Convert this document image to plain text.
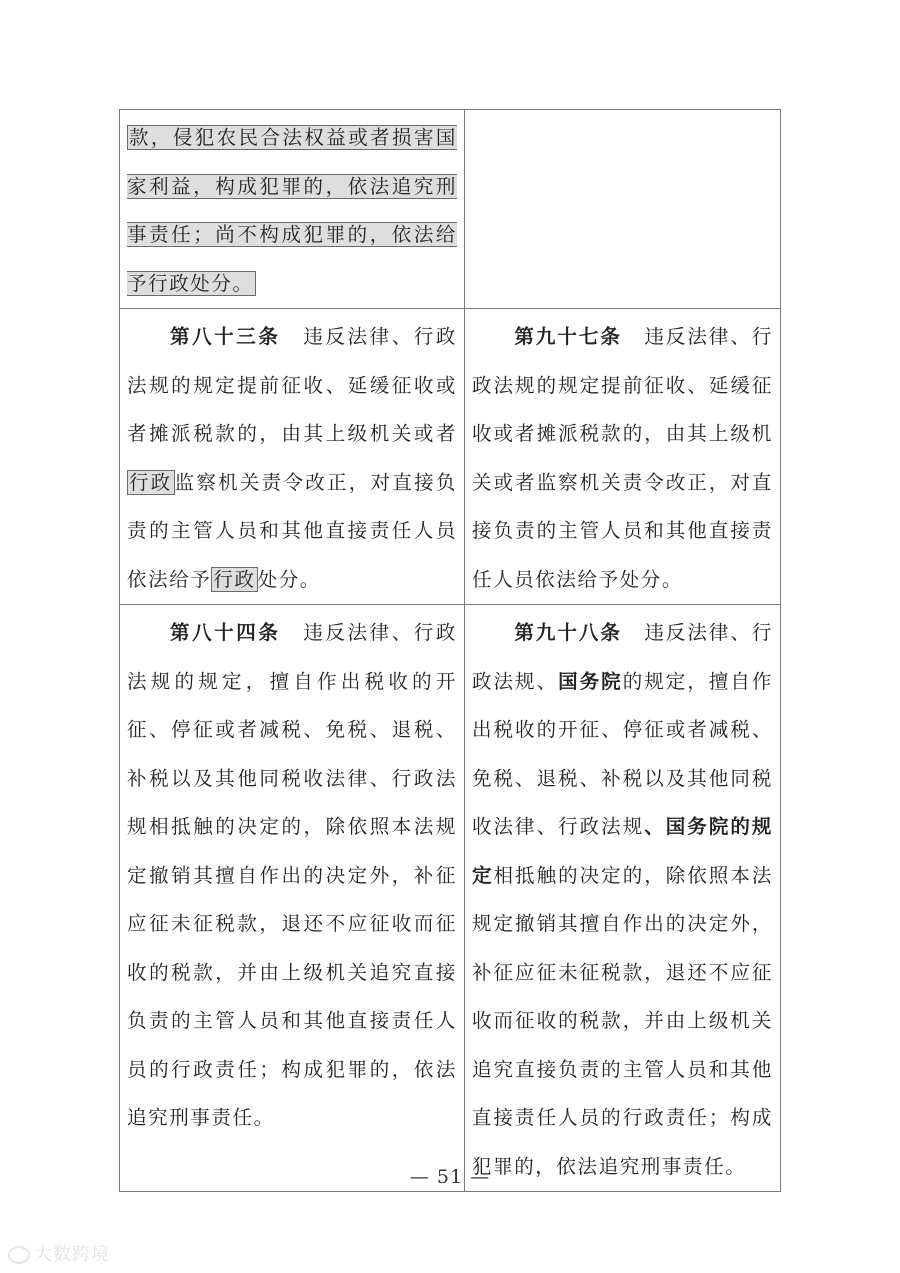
款，侵犯农民合法权益或者损害国家利益，构成犯罪的，依法追究刑事责任；尚不构成犯罪的，依法给予行政处分。	
第八十三条 违反法律、行政法规的规定提前征收、延缓征收或者摊派税款的，由其上级机关或者行政 监察机关责令改正，对直接负责的主管人员和其他直接责任人员依法给予 行政 处分。	第九十七条 违反法律、行政法规的规定提前征收、延缓征收或者摊派税款的，由其上级机关或者监察机关责令改正，对直接负责的主管人员和其他直接责任人员依法给予处分。
第八十四条 违反法律、行政法规的规定，擅自作出税收的开征、停征或者减税、免税、退税、补税以及其他同税收法律、行政法规相抵触的决定的，除依照本法规定撤销其擅自作出的决定外，补征应征未征税款，退还不应征收而征收的税款，并由上级机关追究直接负责的主管人员和其他直接责任人员的行政责任；构成犯罪的，依法追究刑事责任。	第九十八条 违反法律、行政法规、国务院的规定，擅自作出税收的开征、停征或者减税、免税、退税、补税以及其他同税收法律、行政法规、国务院的规定相抵触的决定的，除依照本法规定撤销其擅自作出的决定外，补征应征未征税款，退还不应征收而征收的税款，并由上级机关追究直接负责的主管人员和其他直接责任人员的行政责任；构成犯罪的，依法追究刑事责任。
— 51 —
大数跨境
